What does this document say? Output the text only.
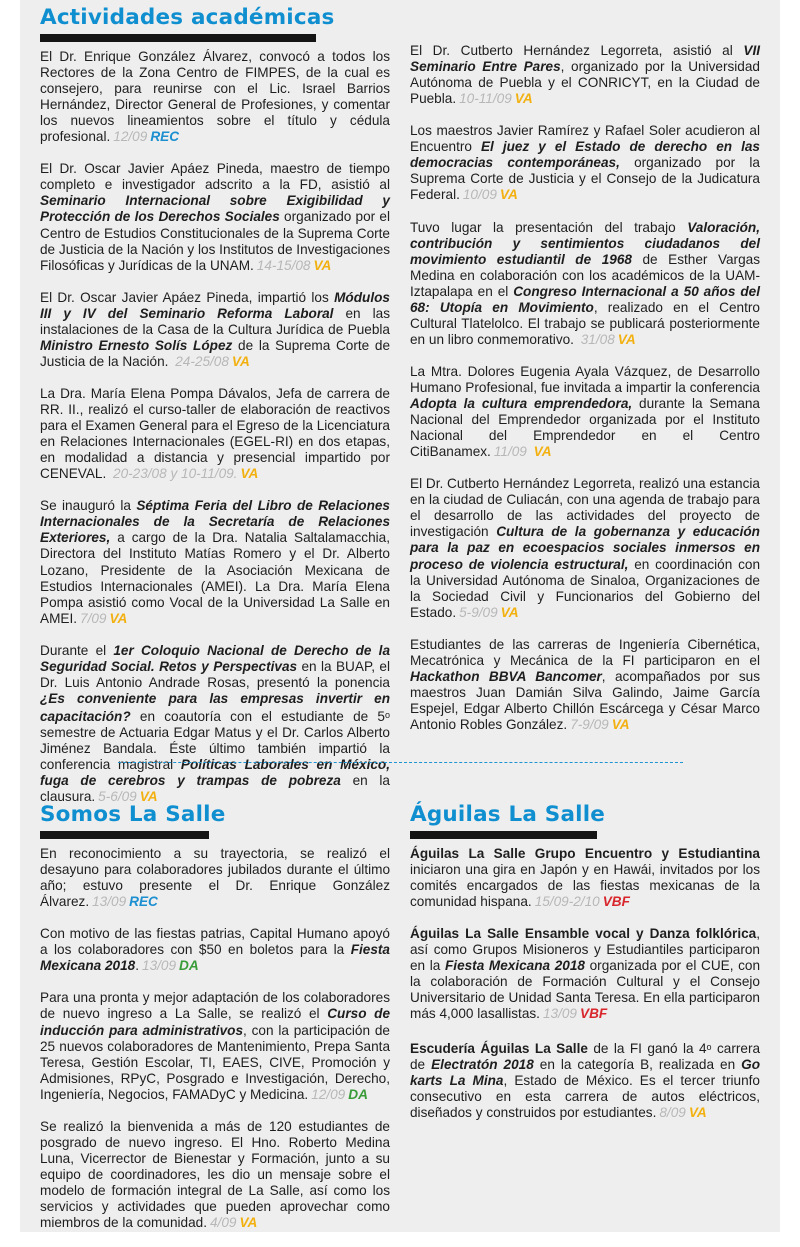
Actividades académicas

El Dr. Enrique González Álvarez, convocó a todos los Rectores de la Zona Centro de FIMPES, de la cual es consejero, para reunirse con el Lic. Israel Barrios Hernández, Director General de Profesiones, y comentar los nuevos lineamientos sobre el título y cédula profesional. 12/09 REC

El Dr. Oscar Javier Apáez Pineda, maestro de tiempo completo e investigador adscrito a la FD, asistió al Seminario Internacional sobre Exigibilidad y Protección de los Derechos Sociales organizado por el Centro de Estudios Constitucionales de la Suprema Corte de Justicia de la Nación y los Institutos de Investigaciones Filosóficas y Jurídicas de la UNAM. 14-15/08 VA

El Dr. Oscar Javier Apáez Pineda, impartió los Módulos III y IV del Seminario Reforma Laboral en las instalaciones de la Casa de la Cultura Jurídica de Puebla Ministro Ernesto Solís López de la Suprema Corte de Justicia de la Nación. 24-25/08 VA

La Dra. María Elena Pompa Dávalos, Jefa de carrera de RR. II., realizó el curso-taller de elaboración de reactivos para el Examen General para el Egreso de la Licenciatura en Relaciones Internacionales (EGEL-RI) en dos etapas, en modalidad a distancia y presencial impartido por CENEVAL. 20-23/08 y 10-11/09. VA

Se inauguró la Séptima Feria del Libro de Relaciones Internacionales de la Secretaría de Relaciones Exteriores, a cargo de la Dra. Natalia Saltalamacchia, Directora del Instituto Matías Romero y el Dr. Alberto Lozano, Presidente de la Asociación Mexicana de Estudios Internacionales (AMEI). La Dra. María Elena Pompa asistió como Vocal de la Universidad La Salle en AMEI. 7/09 VA

Durante el 1er Coloquio Nacional de Derecho de la Seguridad Social. Retos y Perspectivas en la BUAP, el Dr. Luis Antonio Andrade Rosas, presentó la ponencia ¿Es conveniente para las empresas invertir en capacitación? en coautoría con el estudiante de 5$^o$ semestre de Actuaria Edgar Matus y el Dr. Carlos Alberto Jiménez Bandala. Éste último también impartió la conferencia magistral Políticas Laborales en México, fuga de cerebros y trampas de pobreza en la clausura. 5-6/09 VA

El Dr. Cutberto Hernández Legorreta, asistió al VII Seminario Entre Pares, organizado por la Universidad Autónoma de Puebla y el CONRICYT, en la Ciudad de Puebla. 10-11/09 VA

Los maestros Javier Ramírez y Rafael Soler acudieron al Encuentro El juez y el Estado de derecho en las democracias contemporáneas, organizado por la Suprema Corte de Justicia y el Consejo de la Judicatura Federal. 10/09 VA

Tuvo lugar la presentación del trabajo Valoración, contribución y sentimientos ciudadanos del movimiento estudiantil de 1968 de Esther Vargas Medina en colaboración con los académicos de la UAM-Iztapalapa en el Congreso Internacional a 50 años del 68: Utopía en Movimiento, realizado en el Centro Cultural Tlatelolco. El trabajo se publicará posteriormente en un libro conmemorativo. 31/08 VA

La Mtra. Dolores Eugenia Ayala Vázquez, de Desarrollo Humano Profesional, fue invitada a impartir la conferencia Adopta la cultura emprendedora, durante la Semana Nacional del Emprendedor organizada por el Instituto Nacional del Emprendedor en el Centro CitiBanamex. 11/09 VA

El Dr. Cutberto Hernández Legorreta, realizó una estancia en la ciudad de Culiacán, con una agenda de trabajo para el desarrollo de las actividades del proyecto de investigación Cultura de la gobernanza y educación para la paz en ecoespacios sociales inmersos en proceso de violencia estructural, en coordinación con la Universidad Autónoma de Sinaloa, Organizaciones de la Sociedad Civil y Funcionarios del Gobierno del Estado. 5-9/09 VA

Estudiantes de las carreras de Ingeniería Cibernética, Mecatrónica y Mecánica de la FI participaron en el Hackathon BBVA Bancomer, acompañados por sus maestros Juan Damián Silva Galindo, Jaime García Espejel, Edgar Alberto Chillón Escárcega y César Marco Antonio Robles González. 7-9/09 VA

Somos La Salle

En reconocimiento a su trayectoria, se realizó el desayuno para colaboradores jubilados durante el último año; estuvo presente el Dr. Enrique González Álvarez. 13/09 REC

Con motivo de las fiestas patrias, Capital Humano apoyó a los colaboradores con $50 en boletos para la Fiesta Mexicana 2018. 13/09 DA

Para una pronta y mejor adaptación de los colaboradores de nuevo ingreso a La Salle, se realizó el Curso de inducción para administrativos, con la participación de 25 nuevos colaboradores de Mantenimiento, Prepa Santa Teresa, Gestión Escolar, TI, EAES, CIVE, Promoción y Admisiones, RPyC, Posgrado e Investigación, Derecho, Ingeniería, Negocios, FAMADyC y Medicina. 12/09 DA

Se realizó la bienvenida a más de 120 estudiantes de posgrado de nuevo ingreso. El Hno. Roberto Medina Luna, Vicerrector de Bienestar y Formación, junto a su equipo de coordinadores, les dio un mensaje sobre el modelo de formación integral de La Salle, así como los servicios y actividades que pueden aprovechar como miembros de la comunidad. 4/09 VA

Águilas La Salle

Águilas La Salle Grupo Encuentro y Estudiantina iniciaron una gira en Japón y en Hawái, invitados por los comités encargados de las fiestas mexicanas de la comunidad hispana. 15/09-2/10 VBF

Águilas La Salle Ensamble vocal y Danza folklórica, así como Grupos Misioneros y Estudiantiles participaron en la Fiesta Mexicana 2018 organizada por el CUE, con la colaboración de Formación Cultural y el Consejo Universitario de Unidad Santa Teresa. En ella participaron más 4,000 lasallistas. 13/09 VBF

Escudería Águilas La Salle de la FI ganó la 4$^o$ carrera de Electratón 2018 en la categoría B, realizada en Go karts La Mina, Estado de México. Es el tercer triunfo consecutivo en esta carrera de autos eléctricos, diseñados y construidos por estudiantes. 8/09 VA
